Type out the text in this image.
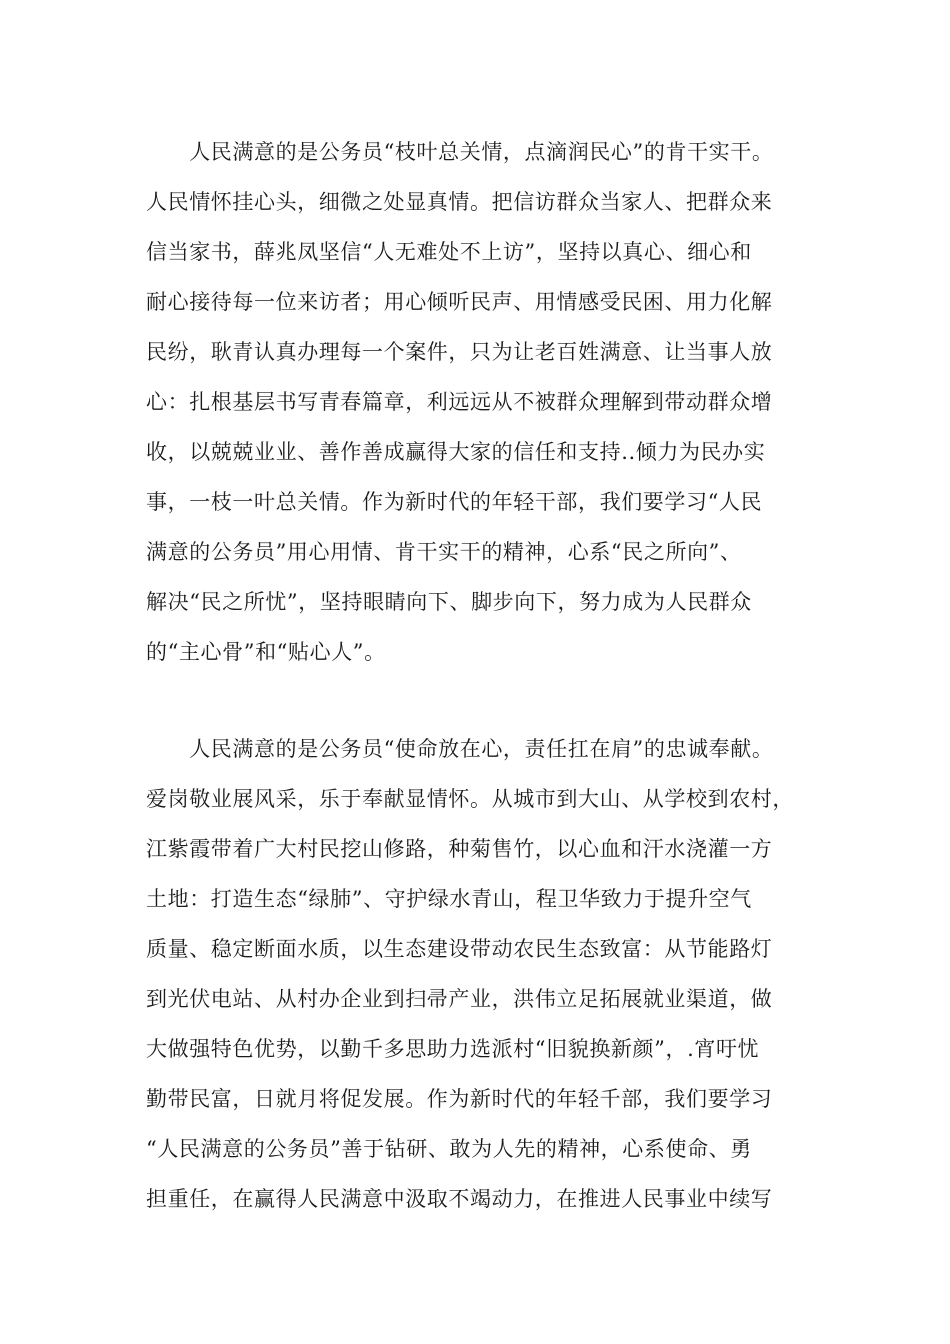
　　人民满意的是公务员“枝叶总关情，点滴润民心”的肯干实干。
人民情怀挂心头，细微之处显真情。把信访群众当家人、把群众来
信当家书，薛兆凤坚信“人无难处不上访”，坚持以真心、细心和
耐心接待每一位来访者；用心倾听民声、用情感受民困、用力化解
民纷，耿青认真办理每一个案件，只为让老百姓满意、让当事人放
心：扎根基层书写青春篇章，利远远从不被群众理解到带动群众增
收，以兢兢业业、善作善成赢得大家的信任和支持..倾力为民办实
事，一枝一叶总关情。作为新时代的年轻干部，我们要学习“人民
满意的公务员”用心用情、肯干实干的精神，心系“民之所向”、
解决“民之所忧”，坚持眼睛向下、脚步向下，努力成为人民群众
的“主心骨”和“贴心人”。
　　人民满意的是公务员“使命放在心，责任扛在肩”的忠诚奉献。
爱岗敬业展风采，乐于奉献显情怀。从城市到大山、从学校到农村，
江紫霞带着广大村民挖山修路，种菊售竹，以心血和汗水浇灌一方
土地：打造生态“绿肺”、守护绿水青山，程卫华致力于提升空气
质量、稳定断面水质，以生态建设带动农民生态致富：从节能路灯
到光伏电站、从村办企业到扫帚产业，洪伟立足拓展就业渠道，做
大做强特色优势，以勤千多思助力选派村“旧貌换新颜”，.宵吁忧
勤带民富，日就月将促发展。作为新时代的年轻千部，我们要学习
“人民满意的公务员”善于钻研、敢为人先的精神，心系使命、勇
担重任，在赢得人民满意中汲取不竭动力，在推进人民事业中续写
